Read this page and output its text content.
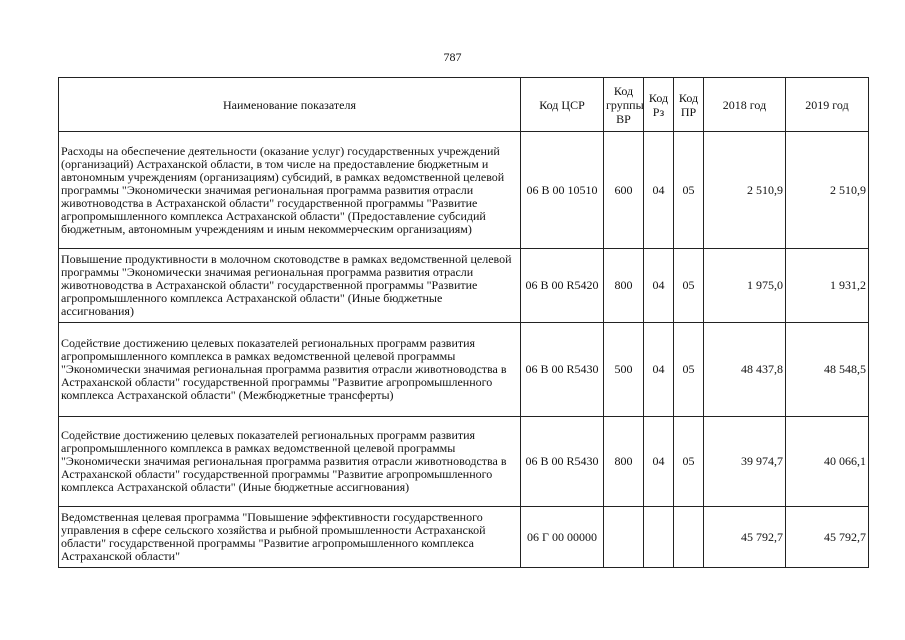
787
Наименование показателя	Код ЦСР	Код группы ВР	Код Рз	Код ПР	2018 год	2019 год
Расходы на обеспечение деятельности (оказание услуг) государственных учреждений (организаций) Астраханской области, в том числе на предоставление бюджетным и автономным учреждениям (организациям) субсидий, в рамках ведомственной целевой программы "Экономически значимая региональная программа развития отрасли животноводства в Астраханской области" государственной программы "Развитие агропромышленного комплекса Астраханской области" (Предоставление субсидий бюджетным, автономным учреждениям и иным некоммерческим организациям)	06 В 00 10510	600	04	05	2 510,9	2 510,9
Повышение продуктивности в молочном скотоводстве в рамках ведомственной целевой программы "Экономически значимая региональная программа развития отрасли животноводства в Астраханской области" государственной программы "Развитие агропромышленного комплекса Астраханской области" (Иные бюджетные ассигнования)	06 В 00 R5420	800	04	05	1 975,0	1 931,2
Содействие достижению целевых показателей региональных программ развития агропромышленного комплекса в рамках ведомственной целевой программы "Экономически значимая региональная программа развития отрасли животноводства в Астраханской области" государственной программы "Развитие агропромышленного комплекса Астраханской области" (Межбюджетные трансферты)	06 В 00 R5430	500	04	05	48 437,8	48 548,5
Содействие достижению целевых показателей региональных программ развития агропромышленного комплекса в рамках ведомственной целевой программы "Экономически значимая региональная программа развития отрасли животноводства в Астраханской области" государственной программы "Развитие агропромышленного комплекса Астраханской области" (Иные бюджетные ассигнования)	06 В 00 R5430	800	04	05	39 974,7	40 066,1
Ведомственная целевая программа "Повышение эффективности государственного управления в сфере сельского хозяйства и рыбной промышленности Астраханской области" государственной программы "Развитие агропромышленного комплекса Астраханской области"	06 Г 00 00000				45 792,7	45 792,7
